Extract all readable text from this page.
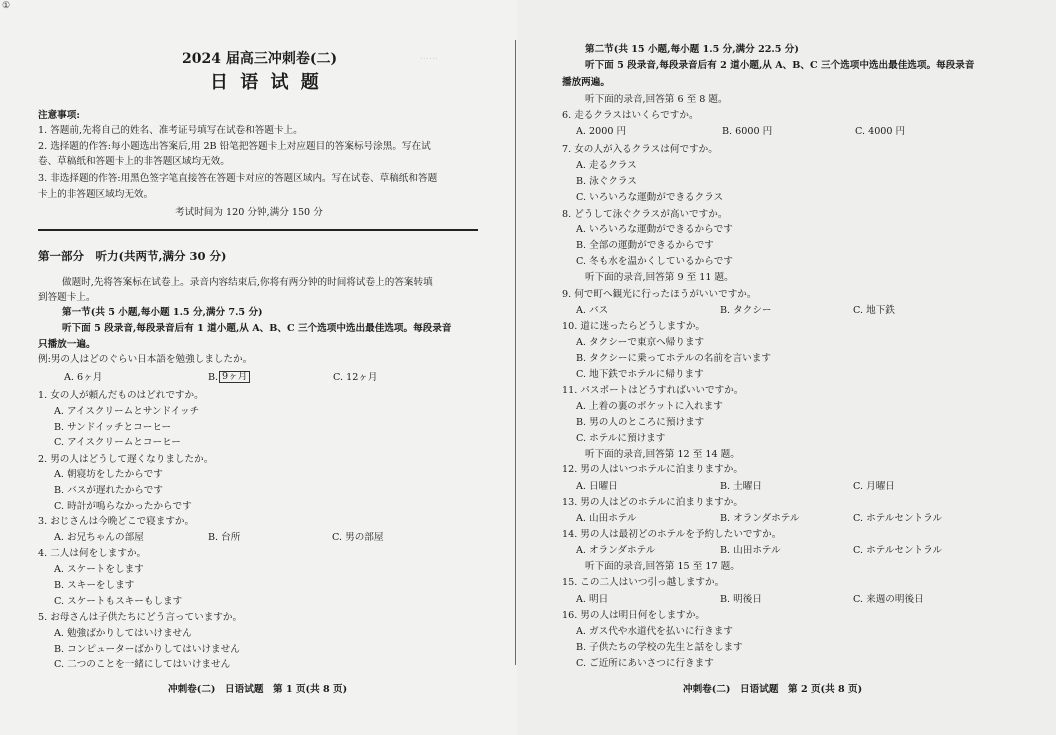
①
‥‥‥
2024 届高三冲刺卷(二)
日 语 试 题
注意事项:
1. 答题前,先将自己的姓名、准考证号填写在试卷和答题卡上。
2. 选择题的作答:每小题选出答案后,用 2B 铅笔把答题卡上对应题目的答案标号涂黑。写在试
卷、草稿纸和答题卡上的非答题区域均无效。
3. 非选择题的作答:用黑色签字笔直接答在答题卡对应的答题区域内。写在试卷、草稿纸和答题
卡上的非答题区域均无效。
考试时间为 120 分钟,满分 150 分
第一部分　听力(共两节,满分 30 分)
做题时,先将答案标在试卷上。录音内容结束后,你将有两分钟的时间将试卷上的答案转填
到答题卡上。
第一节(共 5 小题,每小题 1.5 分,满分 7.5 分)
听下面 5 段录音,每段录音后有 1 道小题,从 A、B、C 三个选项中选出最佳选项。每段录音
只播放一遍。
例:男の人はどのぐらい日本語を勉強しましたか。
A. 6ヶ月	B. 9ヶ月	C. 12ヶ月
1. 女の人が頼んだものはどれですか。
A. アイスクリームとサンドイッチ
B. サンドイッチとコーヒー
C. アイスクリームとコーヒー
2. 男の人はどうして遅くなりましたか。
A. 朝寝坊をしたからです
B. バスが遅れたからです
C. 時計が鳴らなかったからです
3. おじさんは今晩どこで寝ますか。
A. お兄ちゃんの部屋	B. 台所	C. 男の部屋
4. 二人は何をしますか。
A. スケートをします
B. スキーをします
C. スケートもスキーもします
5. お母さんは子供たちにどう言っていますか。
A. 勉強ばかりしてはいけません
B. コンピューターばかりしてはいけません
C. 二つのことを一緒にしてはいけません
冲刺卷(二)　日语试题　第 1 页(共 8 页)
第二节(共 15 小题,每小题 1.5 分,满分 22.5 分)
听下面 5 段录音,每段录音后有 2 道小题,从 A、B、C 三个选项中选出最佳选项。每段录音
播放两遍。
听下面的录音,回答第 6 至 8 题。
6. 走るクラスはいくらですか。
A. 2000 円	B. 6000 円	C. 4000 円
7. 女の人が入るクラスは何ですか。
A. 走るクラス
B. 泳ぐクラス
C. いろいろな運動ができるクラス
8. どうして泳ぐクラスが高いですか。
A. いろいろな運動ができるからです
B. 全部の運動ができるからです
C. 冬も水を温かくしているからです
听下面的录音,回答第 9 至 11 题。
9. 何で町へ観光に行ったほうがいいですか。
A. バス	B. タクシー	C. 地下鉄
10. 道に迷ったらどうしますか。
A. タクシーで東京へ帰ります
B. タクシーに乗ってホテルの名前を言います
C. 地下鉄でホテルに帰ります
11. パスポートはどうすればいいですか。
A. 上着の裏のポケットに入れます
B. 男の人のところに預けます
C. ホテルに預けます
听下面的录音,回答第 12 至 14 题。
12. 男の人はいつホテルに泊まりますか。
A. 日曜日	B. 土曜日	C. 月曜日
13. 男の人はどのホテルに泊まりますか。
A. 山田ホテル	B. オランダホテル	C. ホテルセントラル
14. 男の人は最初どのホテルを予約したいですか。
A. オランダホテル	B. 山田ホテル	C. ホテルセントラル
听下面的录音,回答第 15 至 17 题。
15. この二人はいつ引っ越しますか。
A. 明日	B. 明後日	C. 来週の明後日
16. 男の人は明日何をしますか。
A. ガス代や水道代を払いに行きます
B. 子供たちの学校の先生と話をします
C. ご近所にあいさつに行きます
冲刺卷(二)　日语试题　第 2 页(共 8 页)
